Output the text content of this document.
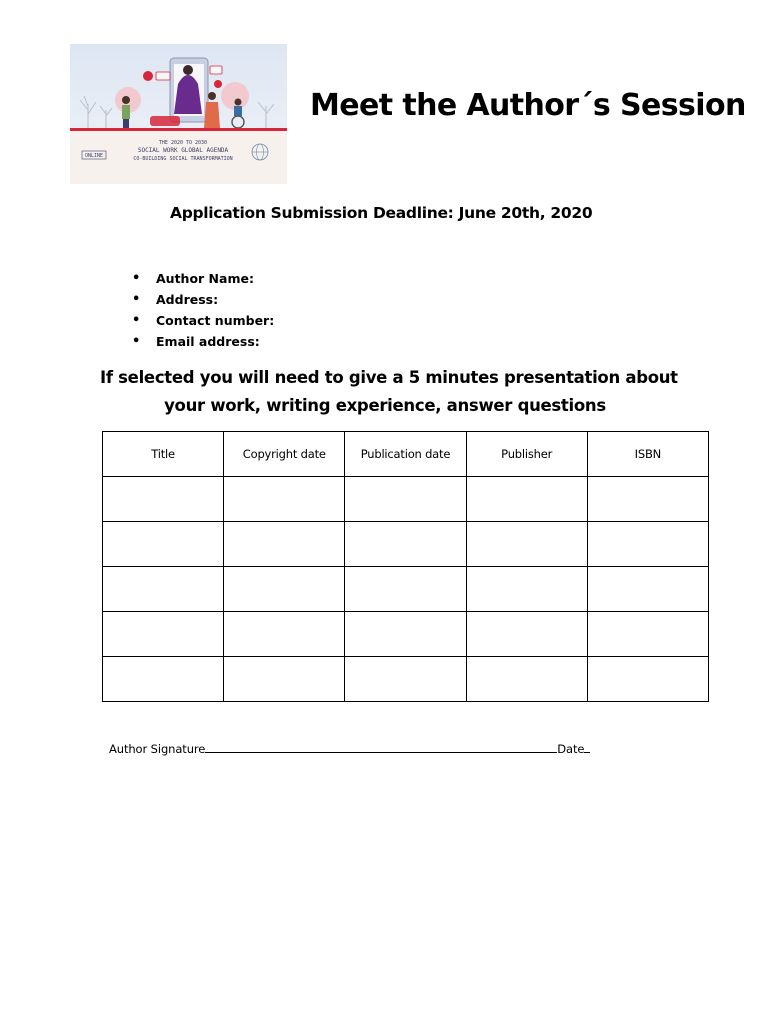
THE 2020 TO 2030
SOCIAL WORK GLOBAL AGENDA
CO-BUILDING SOCIAL TRANSFORMATION
ONLINE
Meet the Author´s Session
Application Submission Deadline: June 20th, 2020
• Author Name:
• Address:
• Contact number:
• Email address:
If selected you will need to give a 5 minutes presentation about
your work, writing experience, answer questions
Title	Copyright date	Publication date	Publisher	ISBN

Author Signature	Date
